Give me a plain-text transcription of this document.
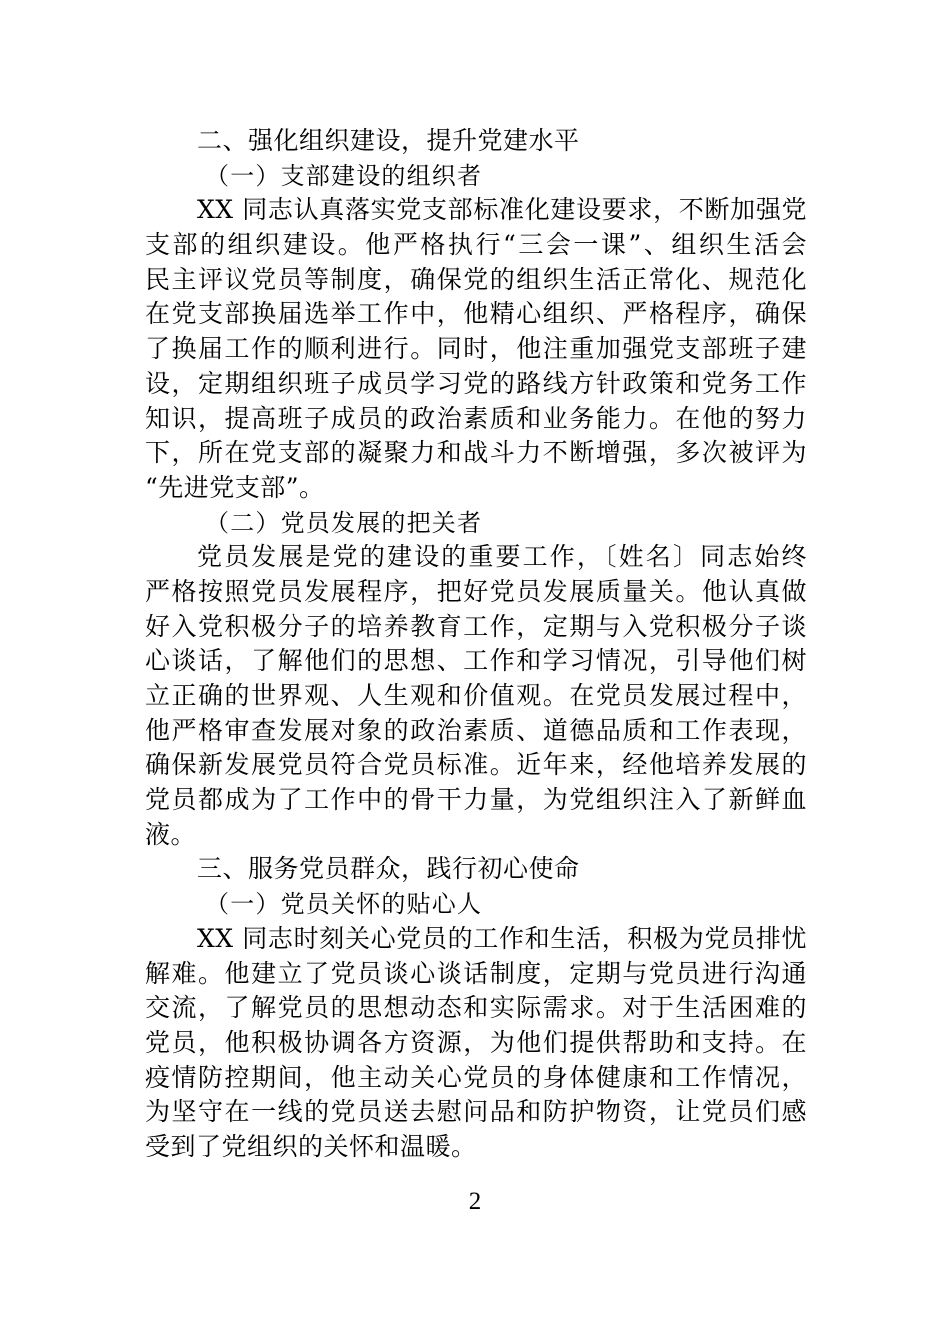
二、强化组织建设，提升党建水平
（一）支部建设的组织者
XX 同志认真落实党支部标准化建设要求，不断加强党
支部的组织建设。他严格执行“三会一课”、组织生活会
民主评议党员等制度，确保党的组织生活正常化、规范化
在党支部换届选举工作中，他精心组织、严格程序，确保
了换届工作的顺利进行。同时，他注重加强党支部班子建
设，定期组织班子成员学习党的路线方针政策和党务工作
知识，提高班子成员的政治素质和业务能力。在他的努力
下，所在党支部的凝聚力和战斗力不断增强，多次被评为
“先进党支部”。
（二）党员发展的把关者
党员发展是党的建设的重要工作，〔姓名〕同志始终
严格按照党员发展程序，把好党员发展质量关。他认真做
好入党积极分子的培养教育工作，定期与入党积极分子谈
心谈话，了解他们的思想、工作和学习情况，引导他们树
立正确的世界观、人生观和价值观。在党员发展过程中，
他严格审查发展对象的政治素质、道德品质和工作表现，
确保新发展党员符合党员标准。近年来，经他培养发展的
党员都成为了工作中的骨干力量，为党组织注入了新鲜血
液。
三、服务党员群众，践行初心使命
（一）党员关怀的贴心人
XX 同志时刻关心党员的工作和生活，积极为党员排忧
解难。他建立了党员谈心谈话制度，定期与党员进行沟通
交流，了解党员的思想动态和实际需求。对于生活困难的
党员，他积极协调各方资源，为他们提供帮助和支持。在
疫情防控期间，他主动关心党员的身体健康和工作情况，
为坚守在一线的党员送去慰问品和防护物资，让党员们感
受到了党组织的关怀和温暖。
2
